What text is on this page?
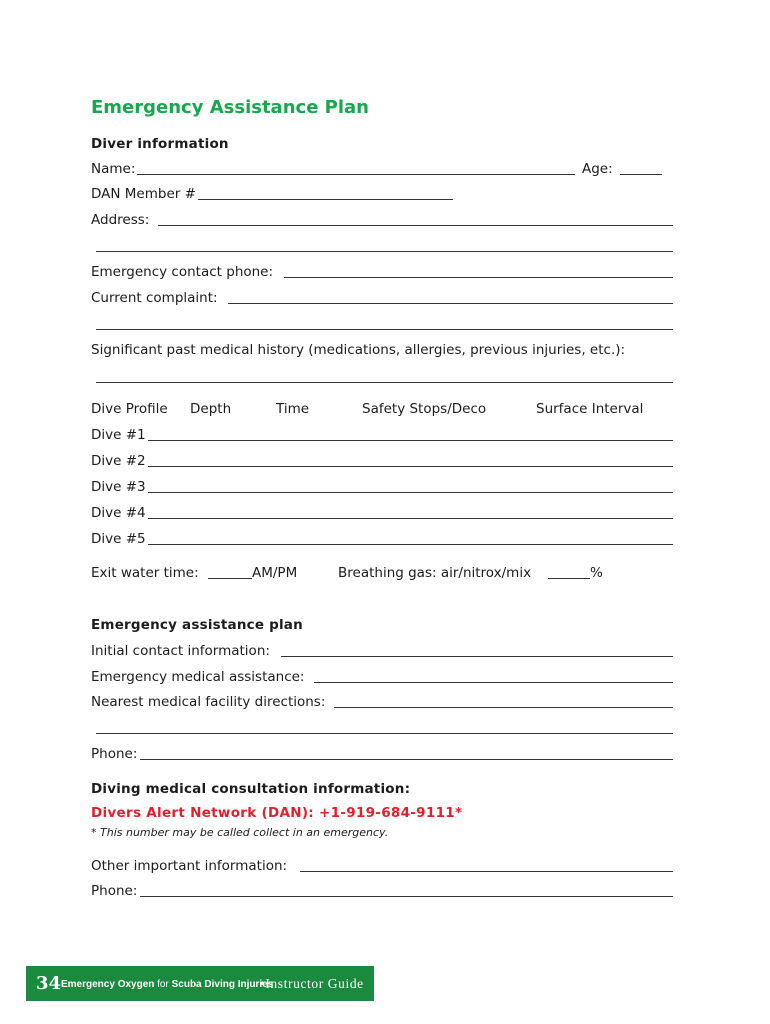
Emergency Assistance Plan
Diver information
Name:	Age:
DAN Member #
Address:
Emergency contact phone:
Current complaint:
Significant past medical history (medications, allergies, previous injuries, etc.):
Dive Profile Depth	Time	Safety Stops/Deco	Surface Interval
Dive #1
Dive #2
Dive #3
Dive #4
Dive #5
Exit water time:	AM/PM	Breathing gas: air/nitrox/mix	%
Emergency assistance plan
Initial contact information:
Emergency medical assistance:
Nearest medical facility directions:
Phone:
Diving medical consultation information:
Divers Alert Network (DAN): +1-919-684-9111*
* This number may be called collect in an emergency.
Other important information:
Phone:
34 Emergency Oxygen for Scuba Diving Injuries
•Instructor Guide
